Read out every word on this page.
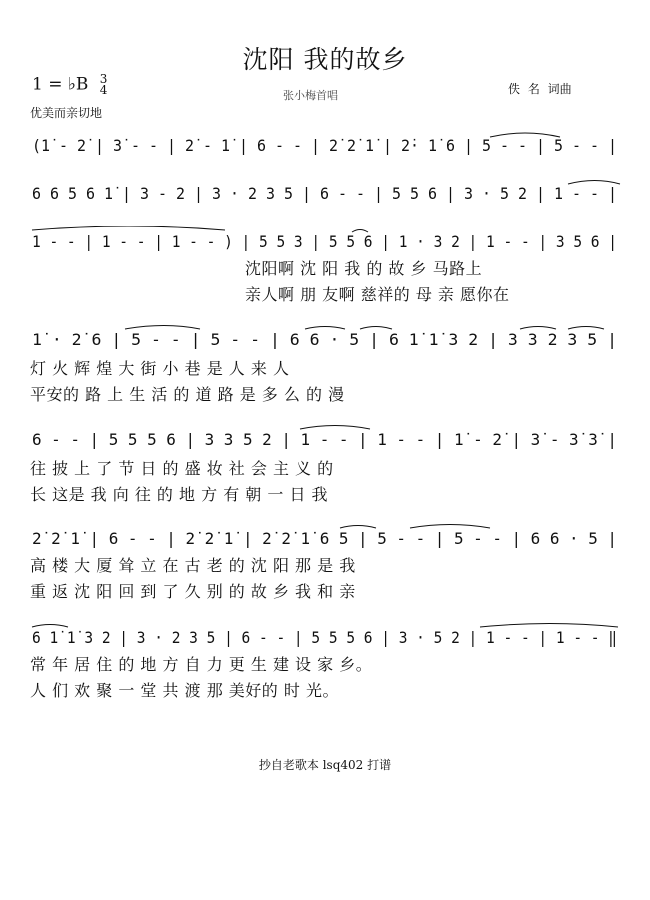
沈阳 我的故乡
1 = ♭B 3
4
优美而亲切地
张小梅首唱	佚 名 词曲
(1̇ - 2̇ | 3̇ - - | 2̇ - 1̇ | 6 - - | 2̇ 2̇ 1̇ | 2̇· 1̇ 6 | 5 - - | 5 - - |
6 6 5 6 1̇ | 3 - 2 | 3 · 2 3 5 | 6 - - | 5 5 6 | 3 · 5 2 | 1 - - |
1 - - | 1 - - | 1 - - ) | 5 5 3 | 5 5 6 | 1 · 3 2 | 1 - - | 3 5 6 |
沈阳啊 沈 阳 我 的 故 乡 马路上
亲人啊 朋 友啊 慈祥的 母 亲 愿你在
1̇ · 2̇ 6 | 5 - - | 5 - - | 6 6 · 5 | 6 1̇ 1̇ 3 2 | 3 3 2 3 5 |
灯 火 辉 煌 大 街 小 巷 是 人 来 人
平安的 路 上 生 活 的 道 路 是 多 么 的 漫
6 - - | 5 5 5 6 | 3 3 5 2 | 1 - - | 1 - - | 1̇ - 2̇ | 3̇ - 3̇ 3̇ |
往 披 上 了 节 日 的 盛 妆 社 会 主 义 的
长 这是 我 向 往 的 地 方 有 朝 一 日 我
2̇ 2̇ 1̇ | 6 - - | 2̇ 2̇ 1̇ | 2̇ 2̇ 1̇ 6 5 | 5 - - | 5 - - | 6 6 · 5 |
高 楼 大 厦 耸 立 在 古 老 的 沈 阳 那 是 我
重 返 沈 阳 回 到 了 久 别 的 故 乡 我 和 亲
6 1̇ 1̇ 3 2 | 3 · 2 3 5 | 6 - - | 5 5 5 6 | 3 · 5 2 | 1 - - | 1 - - ‖
常 年 居 住 的 地 方 自 力 更 生 建 设 家 乡。
人 们 欢 聚 一 堂 共 渡 那 美好的 时 光。
抄自老歌本 lsq402 打谱
